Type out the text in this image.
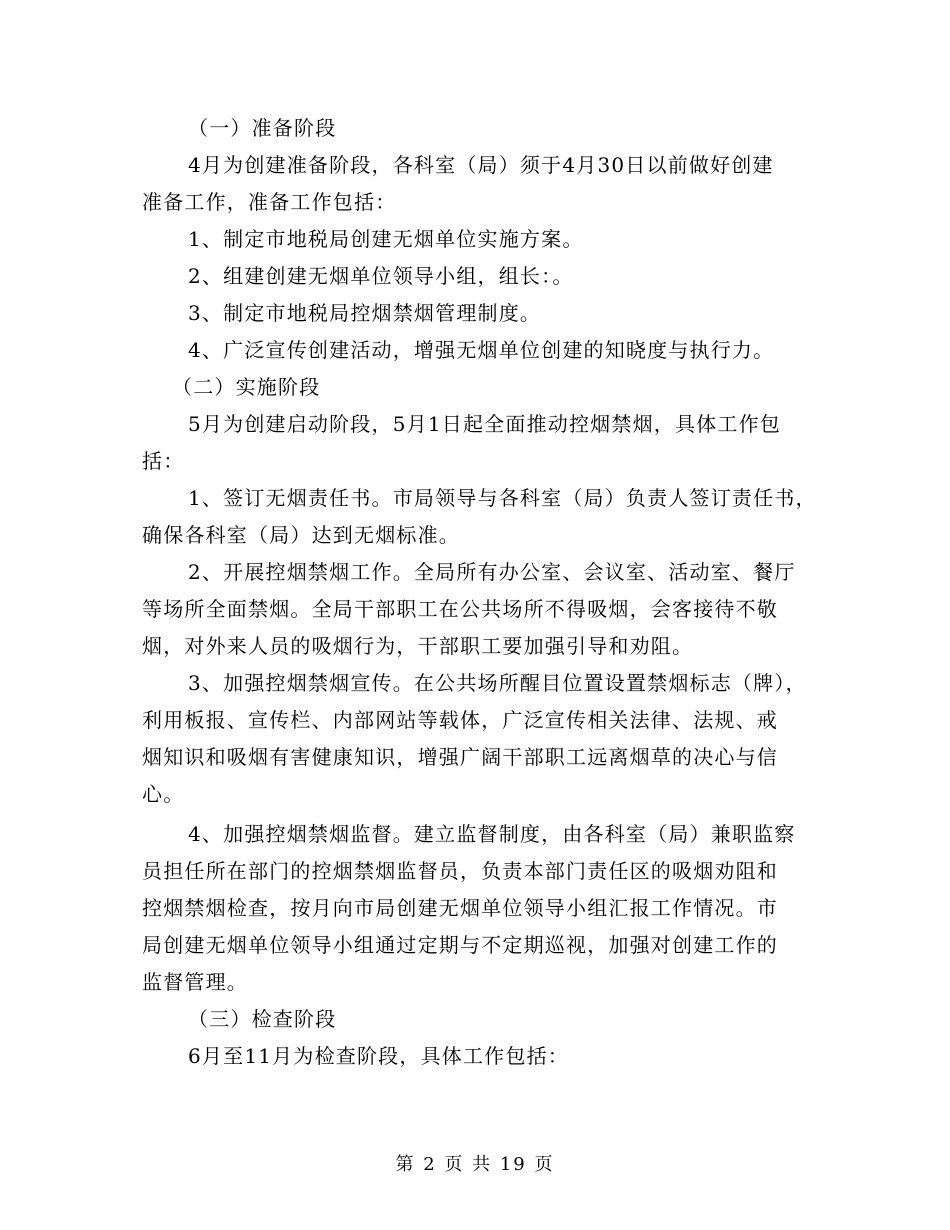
（一）准备阶段
4月为创建准备阶段，各科室（局）须于4月30日以前做好创建
准备工作，准备工作包括：
1、制定市地税局创建无烟单位实施方案。
2、组建创建无烟单位领导小组，组长：。
3、制定市地税局控烟禁烟管理制度。
4、广泛宣传创建活动，增强无烟单位创建的知晓度与执行力。
（二）实施阶段
5月为创建启动阶段，5月1日起全面推动控烟禁烟，具体工作包
括：
1、签订无烟责任书。市局领导与各科室（局）负责人签订责任书，
确保各科室（局）达到无烟标准。
2、开展控烟禁烟工作。全局所有办公室、会议室、活动室、餐厅
等场所全面禁烟。全局干部职工在公共场所不得吸烟，会客接待不敬
烟，对外来人员的吸烟行为，干部职工要加强引导和劝阻。
3、加强控烟禁烟宣传。在公共场所醒目位置设置禁烟标志（牌），
利用板报、宣传栏、内部网站等载体，广泛宣传相关法律、法规、戒
烟知识和吸烟有害健康知识，增强广阔干部职工远离烟草的决心与信
心。
4、加强控烟禁烟监督。建立监督制度，由各科室（局）兼职监察
员担任所在部门的控烟禁烟监督员，负责本部门责任区的吸烟劝阻和
控烟禁烟检查，按月向市局创建无烟单位领导小组汇报工作情况。市
局创建无烟单位领导小组通过定期与不定期巡视，加强对创建工作的
监督管理。
（三）检查阶段
6月至11月为检查阶段，具体工作包括：
第 2 页 共 19 页
